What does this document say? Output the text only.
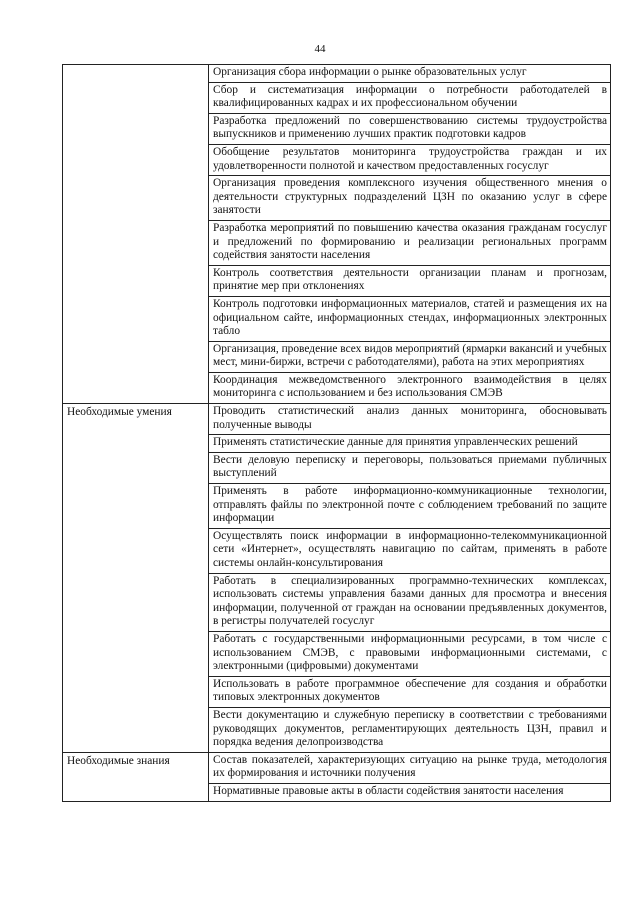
44
	Организация сбора информации о рынке образовательных услуг
	Сбор и систематизация информации о потребности работодателей в квалифицированных кадрах и их профессиональном обучении
	Разработка предложений по совершенствованию системы трудоустройства выпускников и применению лучших практик подготовки кадров
	Обобщение результатов мониторинга трудоустройства граждан и их удовлетворенности полнотой и качеством предоставленных госуслуг
	Организация проведения комплексного изучения общественного мнения о деятельности структурных подразделений ЦЗН по оказанию услуг в сфере занятости
	Разработка мероприятий по повышению качества оказания гражданам госуслуг и предложений по формированию и реализации региональных программ содействия занятости населения
	Контроль соответствия деятельности организации планам и прогнозам, принятие мер при отклонениях
	Контроль подготовки информационных материалов, статей и размещения их на официальном сайте, информационных стендах, информационных электронных табло
	Организация, проведение всех видов мероприятий (ярмарки вакансий и учебных мест, мини-биржи, встречи с работодателями), работа на этих мероприятиях
	Координация межведомственного электронного взаимодействия в целях мониторинга с использованием и без использования СМЭВ
Необходимые умения	Проводить статистический анализ данных мониторинга, обосновывать полученные выводы
	Применять статистические данные для принятия управленческих решений
	Вести деловую переписку и переговоры, пользоваться приемами публичных выступлений
	Применять в работе информационно-коммуникационные технологии, отправлять файлы по электронной почте с соблюдением требований по защите информации
	Осуществлять поиск информации в информационно-телекоммуникационной сети «Интернет», осуществлять навигацию по сайтам, применять в работе системы онлайн-консультирования
	Работать в специализированных программно-технических комплексах, использовать системы управления базами данных для просмотра и внесения информации, полученной от граждан на основании предъявленных документов, в регистры получателей госуслуг
	Работать с государственными информационными ресурсами, в том числе с использованием СМЭВ, с правовыми информационными системами, с электронными (цифровыми) документами
	Использовать в работе программное обеспечение для создания и обработки типовых электронных документов
	Вести документацию и служебную переписку в соответствии с требованиями руководящих документов, регламентирующих деятельность ЦЗН, правил и порядка ведения делопроизводства
Необходимые знания	Состав показателей, характеризующих ситуацию на рынке труда, методология их формирования и источники получения
	Нормативные правовые акты в области содействия занятости населения
